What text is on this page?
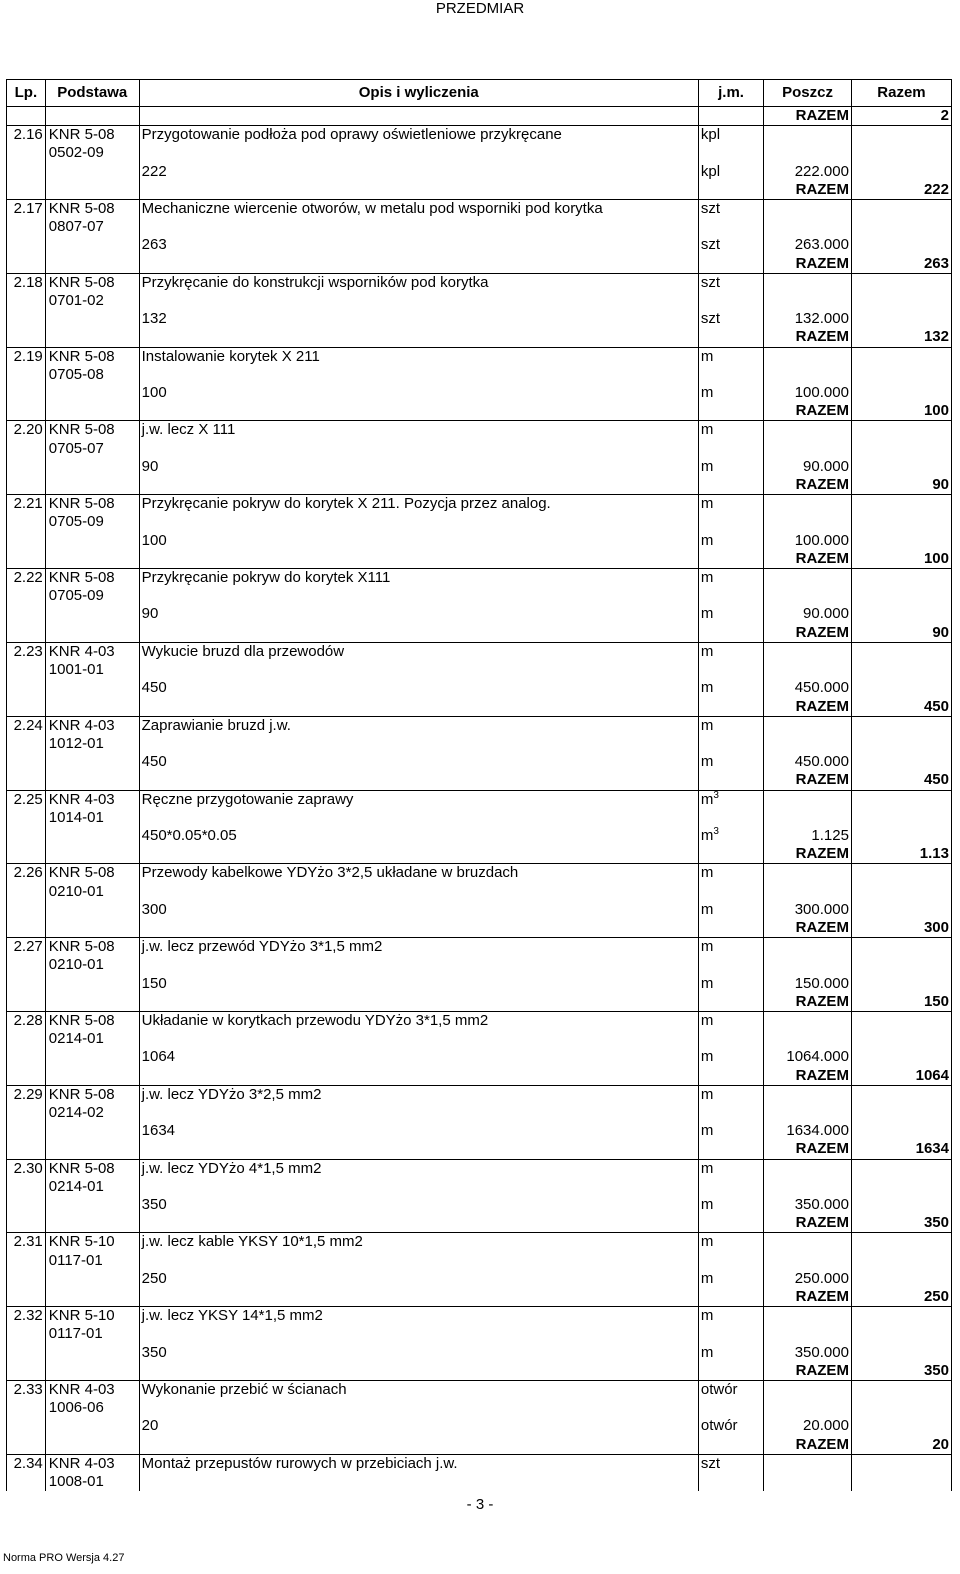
PRZEDMIAR
Lp.	Podstawa	Opis i wyliczenia	j.m.	Poszcz	Razem
				RAZEM	2
2.16	KNR 5-08	Przygotowanie podłoża pod oprawy oświetleniowe przykręcane	kpl		
	0502-09				
		222	kpl	222.000	
				RAZEM	222
2.17	KNR 5-08	Mechaniczne wiercenie otworów, w metalu pod wsporniki pod korytka	szt		
	0807-07				
		263	szt	263.000	
				RAZEM	263
2.18	KNR 5-08	Przykręcanie do konstrukcji wsporników pod korytka	szt		
	0701-02				
		132	szt	132.000	
				RAZEM	132
2.19	KNR 5-08	Instalowanie korytek X 211	m		
	0705-08				
		100	m	100.000	
				RAZEM	100
2.20	KNR 5-08	j.w. lecz X 111	m		
	0705-07				
		90	m	90.000	
				RAZEM	90
2.21	KNR 5-08	Przykręcanie pokryw do korytek X 211. Pozycja przez analog.	m		
	0705-09				
		100	m	100.000	
				RAZEM	100
2.22	KNR 5-08	Przykręcanie pokryw do korytek X111	m		
	0705-09				
		90	m	90.000	
				RAZEM	90
2.23	KNR 4-03	Wykucie bruzd dla przewodów	m		
	1001-01				
		450	m	450.000	
				RAZEM	450
2.24	KNR 4-03	Zaprawianie bruzd j.w.	m		
	1012-01				
		450	m	450.000	
				RAZEM	450
2.25	KNR 4-03	Ręczne przygotowanie zaprawy	$m^3$		
	1014-01				
		450*0.05*0.05	$m^3$	1.125	
				RAZEM	1.13
2.26	KNR 5-08	Przewody kabelkowe YDYżo 3*2,5 układane w bruzdach	m		
	0210-01				
		300	m	300.000	
				RAZEM	300
2.27	KNR 5-08	j.w. lecz przewód YDYżo 3*1,5 mm2	m		
	0210-01				
		150	m	150.000	
				RAZEM	150
2.28	KNR 5-08	Układanie w korytkach przewodu YDYżo 3*1,5 mm2	m		
	0214-01				
		1064	m	1064.000	
				RAZEM	1064
2.29	KNR 5-08	j.w. lecz YDYżo 3*2,5 mm2	m		
	0214-02				
		1634	m	1634.000	
				RAZEM	1634
2.30	KNR 5-08	j.w. lecz YDYżo 4*1,5 mm2	m		
	0214-01				
		350	m	350.000	
				RAZEM	350
2.31	KNR 5-10	j.w. lecz kable YKSY 10*1,5 mm2	m		
	0117-01				
		250	m	250.000	
				RAZEM	250
2.32	KNR 5-10	j.w. lecz YKSY 14*1,5 mm2	m		
	0117-01				
		350	m	350.000	
				RAZEM	350
2.33	KNR 4-03	Wykonanie przebić w ścianach	otwór		
	1006-06				
		20	otwór	20.000	
				RAZEM	20
2.34	KNR 4-03	Montaż przepustów rurowych w przebiciach j.w.	szt		
	1008-01				
- 3 -
Norma PRO Wersja 4.27
